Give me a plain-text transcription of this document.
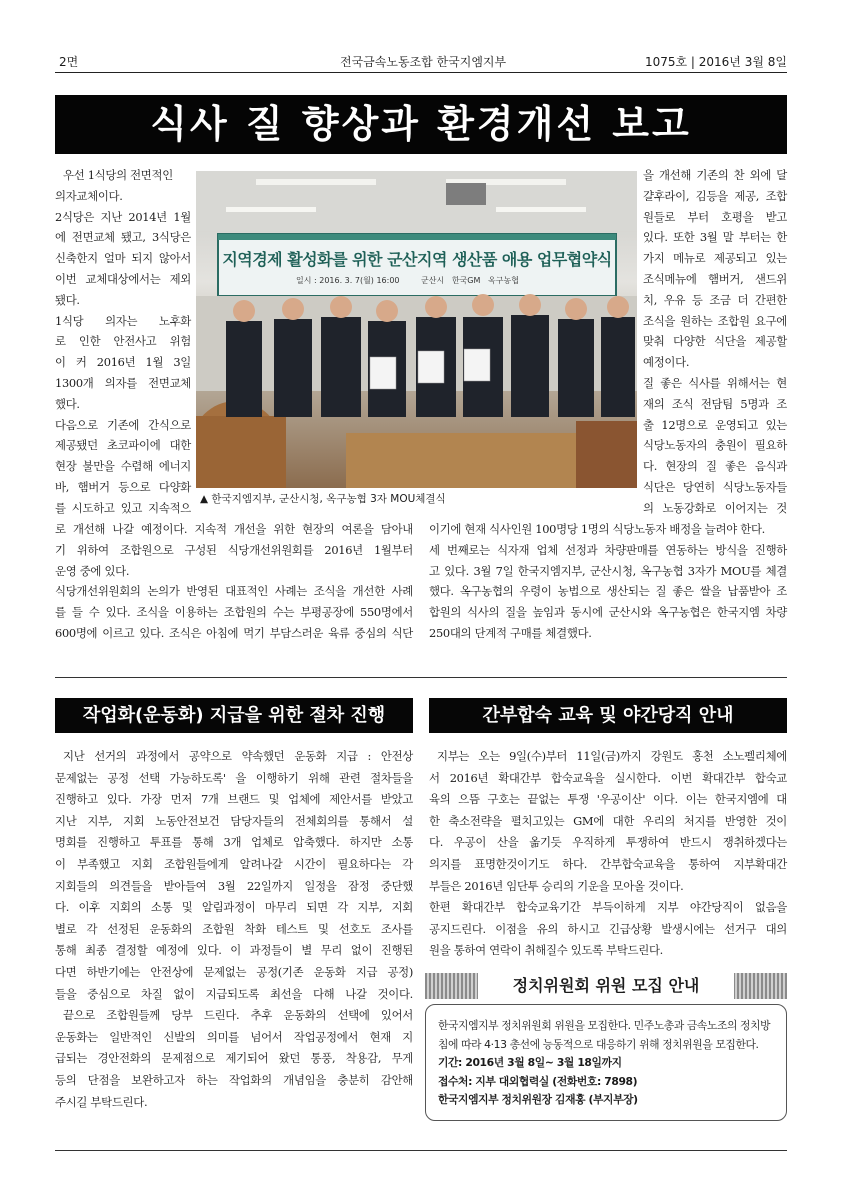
2면	전국금속노동조합 한국지엠지부	1075호 | 2016년 3월 8일
식사 질 향상과 환경개선 보고
우선 1식당의 전면적인
의자교체이다.
2식당은 지난 2014년 1월
에 전면교체 됐고, 3식당은
신축한지 얼마 되지 않아서
이번 교체대상에서는 제외
됐다.
1식당 의자는 노후화
로 인한 안전사고 위험
이 커 2016년 1월 3일
1300개 의자를 전면교체
했다.
다음으로 기존에 간식으로
제공됐던 초코파이에 대한
현장 불만을 수렴해 에너지
바, 햄버거 등으로 다양화
를 시도하고 있고 지속적으
을 개선해 기존의 찬 외에 달
걀후라이, 김등을 제공, 조합
원들로 부터 호평을 받고
있다. 또한 3월 말 부터는 한
가지 메뉴로 제공되고 있는
조식메뉴에 햄버거, 샌드위
치, 우유 등 조금 더 간편한
조식을 원하는 조합원 요구에
맞춰 다양한 식단을 제공할
예정이다.
질 좋은 식사를 위해서는 현
재의 조식 전담팀 5명과 조
출 12명으로 운영되고 있는
식당노동자의 충원이 필요하
다. 현장의 질 좋은 음식과
식단은 당연히 식당노동자들
의 노동강화로 이어지는 것
지역경제 활성화를 위한 군산지역 생산품 애용 업무협약식
일시 : 2016. 3. 7(월) 16:00	군산시 한국GM 옥구농협
▲ 한국지엠지부, 군산시청, 옥구농협 3자 MOU체결식
로 개선해 나갈 예정이다. 지속적 개선을 위한 현장의 여론을 담아내
기 위하여 조합원으로 구성된 식당개선위원회를 2016년 1월부터
운영 중에 있다.
식당개선위원회의 논의가 반영된 대표적인 사례는 조식을 개선한 사례
를 들 수 있다. 조식을 이용하는 조합원의 수는 부평공장에 550명에서
600명에 이르고 있다. 조식은 아침에 먹기 부담스러운 육류 중심의 식단
이기에 현재 식사인원 100명당 1명의 식당노동자 배정을 늘려야 한다.
세 번째로는 식자재 업체 선정과 차량판매를 연동하는 방식을 진행하
고 있다. 3월 7일 한국지엠지부, 군산시청, 옥구농협 3자가 MOU를 체결
했다. 옥구농협의 우령이 농법으로 생산되는 질 좋은 쌀을 납품받아 조
합원의 식사의 질을 높임과 동시에 군산시와 옥구농협은 한국지엠 차량
250대의 단계적 구매를 체결했다.
작업화(운동화) 지급을 위한 절차 진행
지난 선거의 과정에서 공약으로 약속했던 운동화 지급 : 안전상
문제없는 공정 선택 가능하도록' 을 이행하기 위해 관련 절차들을
진행하고 있다. 가장 먼저 7개 브랜드 및 업체에 제안서를 받았고
지난 지부, 지회 노동안전보건 담당자들의 전체회의를 통해서 설
명회를 진행하고 투표를 통해 3개 업체로 압축했다. 하지만 소통
이 부족했고 지회 조합원들에게 알려나갈 시간이 필요하다는 각
지회들의 의견들을 받아들여 3월 22일까지 일정을 잠정 중단했
다. 이후 지회의 소통 및 알림과정이 마무리 되면 각 지부, 지회
별로 각 선정된 운동화의 조합원 착화 테스트 및 선호도 조사를
통해 최종 결정할 예정에 있다. 이 과정들이 별 무리 없이 진행된
다면 하반기에는 안전상에 문제없는 공정(기존 운동화 지급 공정)
들을 중심으로 차질 없이 지급되도록 최선을 다해 나갈 것이다.
끝으로 조합원들께 당부 드린다. 추후 운동화의 선택에 있어서
운동화는 일반적인 신발의 의미를 넘어서 작업공정에서 현재 지
급되는 경안전화의 문제점으로 제기되어 왔던 통풍, 착용감, 무게
등의 단점을 보완하고자 하는 작업화의 개념임을 충분히 감안해
주시길 부탁드린다.
간부합숙 교육 및 야간당직 안내
지부는 오는 9일(수)부터 11일(금)까지 강원도 홍천 소노펠리체에
서 2016년 확대간부 합숙교육을 실시한다. 이번 확대간부 합숙교
육의 으뜸 구호는 끝없는 투쟁 '우공이산' 이다. 이는 한국지엠에 대
한 축소전략을 펼치고있는 GM에 대한 우리의 처지를 반영한 것이
다. 우공이 산을 옮기듯 우직하게 투쟁하여 반드시 쟁취하겠다는
의지를 표명한것이기도 하다. 간부합숙교육을 통하여 지부확대간
부들은 2016년 임단투 승리의 기운을 모아올 것이다.
한편 확대간부 합숙교육기간 부득이하게 지부 야간당직이 없음을
공지드린다. 이점을 유의 하시고 긴급상황 발생시에는 선거구 대의
원을 통하여 연락이 취해질수 있도록 부탁드린다.
정치위원회 위원 모집 안내
한국지엠지부 정치위원회 위원을 모집한다. 민주노총과 금속노조의 정치방
침에 따라 4·13 총선에 능동적으로 대응하기 위해 정치위원을 모집한다.
기간: 2016년 3월 8일~ 3월 18일까지
접수처: 지부 대외협력실 (전화번호: 7898)
한국지엠지부 정치위원장 김재홍 (부지부장)
